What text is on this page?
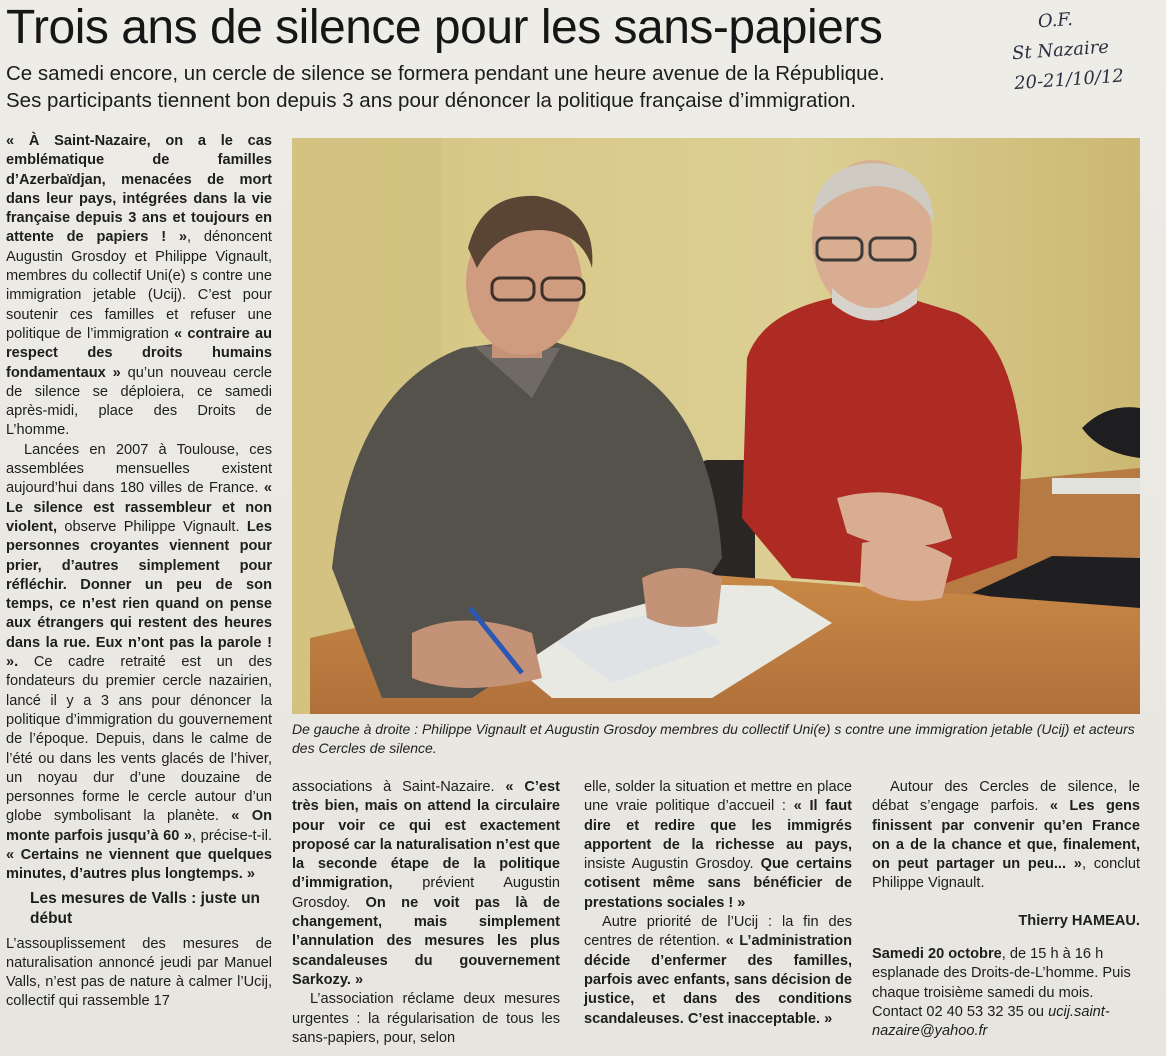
Trois ans de silence pour les sans-papiers	O.F.
St Nazaire
20-21/10/12
Ce samedi encore, un cercle de silence se formera pendant une heure avenue de la République.
Ses participants tiennent bon depuis 3 ans pour dénoncer la politique française d’immigration.

« À Saint-Nazaire, on a le cas emblématique de familles d’Azerbaïdjan, menacées de mort dans leur pays, intégrées dans la vie française depuis 3 ans et toujours en attente de papiers ! », dénoncent Augustin Grosdoy et Philippe Vignault, membres du collectif Uni(e) s contre une immigration jetable (Ucij). C’est pour soutenir ces familles et refuser une politique de l’immigration « contraire au respect des droits humains fondamentaux » qu’un nouveau cercle de silence se déploiera, ce samedi après-midi, place des Droits de L’homme.

Lancées en 2007 à Toulouse, ces assemblées mensuelles existent aujourd’hui dans 180 villes de France. « Le silence est rassembleur et non violent, observe Philippe Vignault. Les personnes croyantes viennent pour prier, d’autres simplement pour réfléchir. Donner un peu de son temps, ce n’est rien quand on pense aux étrangers qui restent des heures dans la rue. Eux n’ont pas la parole ! ». Ce cadre retraité est un des fondateurs du premier cercle nazairien, lancé il y a 3 ans pour dénoncer la politique d’immigration du gouvernement de l’époque. Depuis, dans le calme de l’été ou dans les vents glacés de l’hiver, un noyau dur d’une douzaine de personnes forme le cercle autour d’un globe symbolisant la planète. « On monte parfois jusqu’à 60 », précise-t-il. « Certains ne viennent que quelques minutes, d’autres plus longtemps. »

Les mesures de Valls : juste un début

L’assouplissement des mesures de naturalisation annoncé jeudi par Manuel Valls, n’est pas de nature à calmer l’Ucij, collectif qui rassemble 17

De gauche à droite : Philippe Vignault et Augustin Grosdoy membres du collectif Uni(e) s contre une immigration jetable (Ucij) et acteurs des Cercles de silence.

associations à Saint-Nazaire. « C’est très bien, mais on attend la circulaire pour voir ce qui est exactement proposé car la naturalisation n’est que la seconde étape de la politique d’immigration, prévient Augustin Grosdoy. On ne voit pas là de changement, mais simplement l’annulation des mesures les plus scandaleuses du gouvernement Sarkozy. »

L’association réclame deux mesures urgentes : la régularisation de tous les sans-papiers, pour, selon

elle, solder la situation et mettre en place une vraie politique d’accueil : « Il faut dire et redire que les immigrés apportent de la richesse au pays, insiste Augustin Grosdoy. Que certains cotisent même sans bénéficier de prestations sociales ! »

Autre priorité de l’Ucij : la fin des centres de rétention. « L’administration décide d’enfermer des familles, parfois avec enfants, sans décision de justice, et dans des conditions scandaleuses. C’est inacceptable. »

Autour des Cercles de silence, le débat s’engage parfois. « Les gens finissent par convenir qu’en France on a de la chance et que, finalement, on peut partager un peu... », conclut Philippe Vignault.

Thierry HAMEAU.

Samedi 20 octobre, de 15 h à 16 h esplanade des Droits-de-L’homme. Puis chaque troisième samedi du mois. Contact 02 40 53 32 35 ou ucij.saint-nazaire@yahoo.fr
